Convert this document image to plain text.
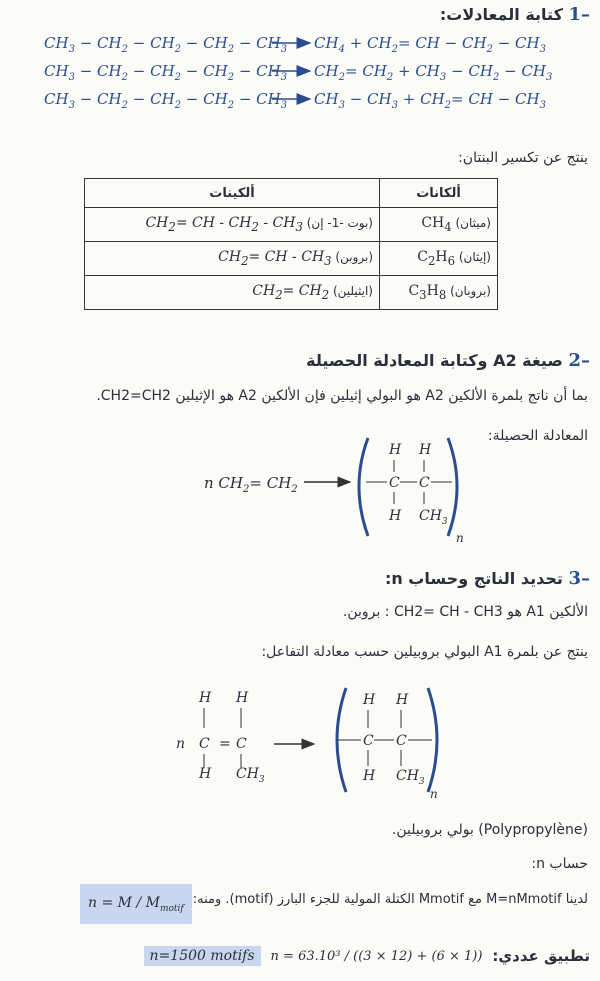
–1 كتابة المعادلات:
$CH_3 - CH_2 - CH_2 - CH_2 - CH_3$ $CH_4 + CH_2=$ CH − $CH_2 - CH_3$
$CH_3 - CH_2 - CH_2 - CH_2 - CH_3$ $CH_2= CH_2 + CH_3 - CH_2 - CH_3$
$CH_3 - CH_2 - CH_2 - CH_2 - CH_3$ $CH_3 - CH_3 + CH_2=$ CH − $CH_3$
ينتج عن تكسير البنتان:
ألكينات	ألكانات
(بوت -1- إن) $CH_2=$ CH - $CH_2 - CH_3$	(ميثان) $CH_4$
(بروبن) $CH_2=$ CH - $CH_3$	(إيثان) $C_2H_6$
(ايثيلين) $CH_2= CH_2$	(بروبان) $C_3H_8$
–2 صيغة A2 وكتابة المعادلة الحصيلة
بما أن ناتج بلمرة الألكين A2 هو البولي إثيلين فإن الألكين A2 هو الإثيلين CH2=CH2.
المعادلة الحصيلة:
n $CH_2= CH_2$
H H
C C
H $CH_3$
n
–3 تحديد الناتج وحساب n:
الألكين A1 هو CH2= CH - CH3 : بروبن.
ينتج عن بلمرة A1 البولي بروبيلين حسب معادلة التفاعل:
n
H H
C = C
H $CH_3$
H H
C C
H $CH_3$
n
(Polypropylène) بولي بروبيلين.
حساب n:
$n = M / M_{motif}$
لدينا M=nMmotif مع Mmotif الكتلة المولية للجزء البارز (motif). ومنه:
تطبيق عددي:
n = 63.10³ / ((3 × 12) + (6 × 1))
n=1500 motifs
